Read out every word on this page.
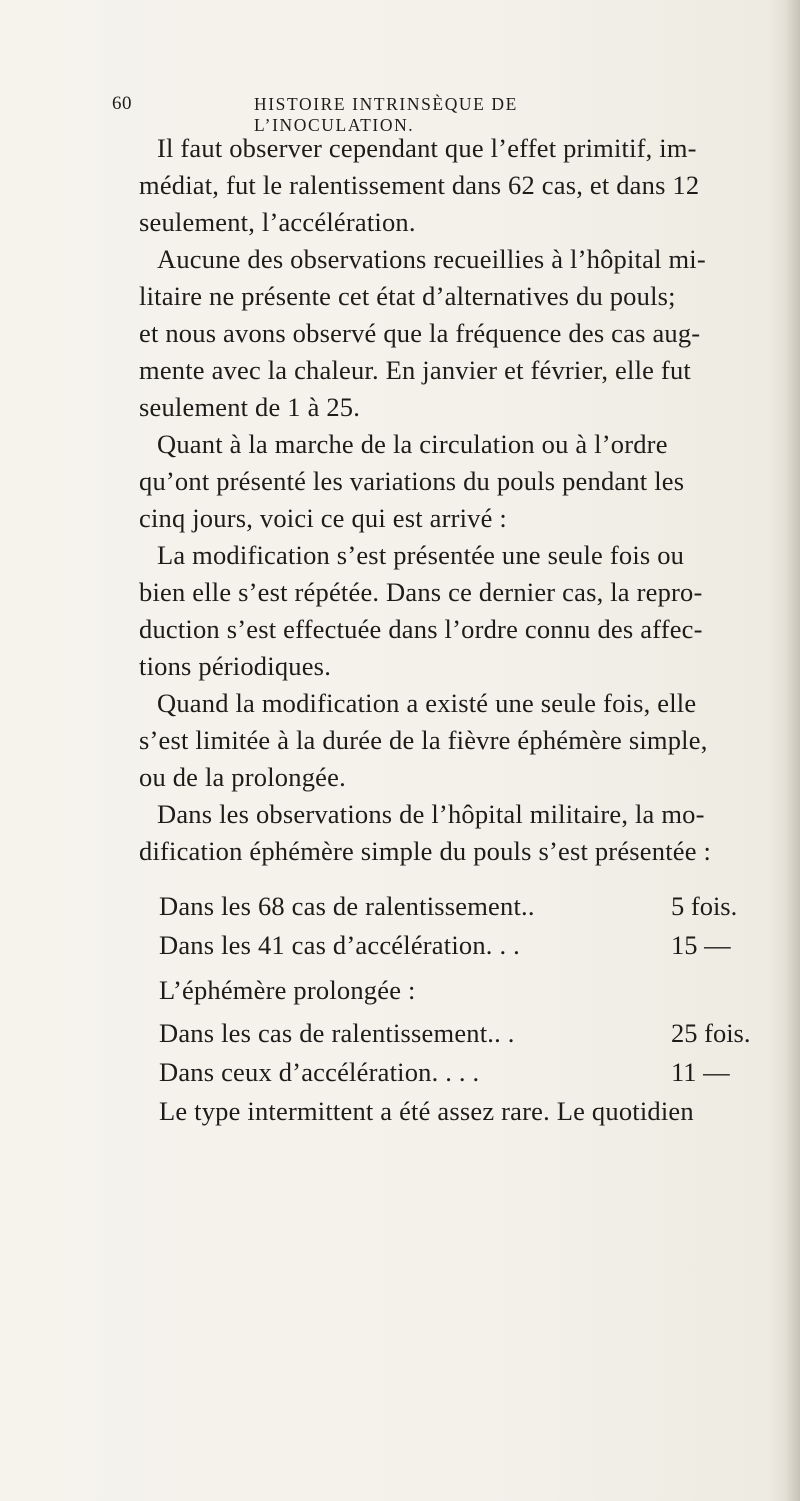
60	HISTOIRE INTRINSÈQUE DE L’INOCULATION.
Il faut observer cependant que l’effet primitif, im-
médiat, fut le ralentissement dans 62 cas, et dans 12
seulement, l’accélération.
Aucune des observations recueillies à l’hôpital mi-
litaire ne présente cet état d’alternatives du pouls;
et nous avons observé que la fréquence des cas aug-
mente avec la chaleur. En janvier et février, elle fut
seulement de 1 à 25.
Quant à la marche de la circulation ou à l’ordre
qu’ont présenté les variations du pouls pendant les
cinq jours, voici ce qui est arrivé :
La modification s’est présentée une seule fois ou
bien elle s’est répétée. Dans ce dernier cas, la repro-
duction s’est effectuée dans l’ordre connu des affec-
tions périodiques.
Quand la modification a existé une seule fois, elle
s’est limitée à la durée de la fièvre éphémère simple,
ou de la prolongée.
Dans les observations de l’hôpital militaire, la mo-
dification éphémère simple du pouls s’est présentée :
Dans les 68 cas de ralentissement..	5 fois.
Dans les 41 cas d’accélération. . .	15 —
L’éphémère prolongée :
Dans les cas de ralentissement.. .	25 fois.
Dans ceux d’accélération. . . .	11 —
Le type intermittent a été assez rare. Le quotidien
